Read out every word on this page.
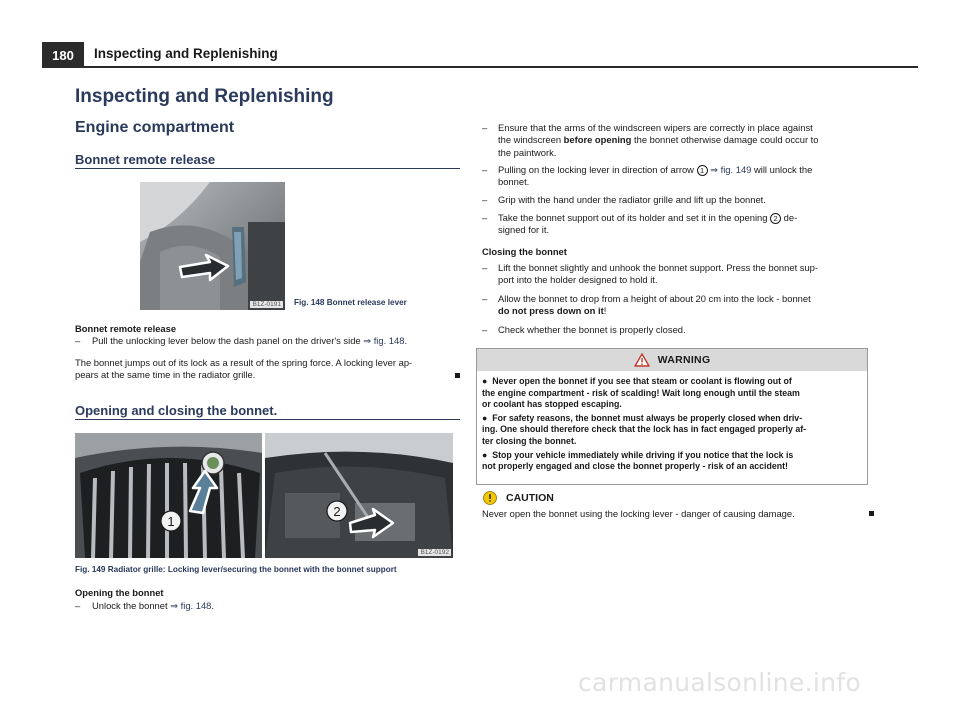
180	Inspecting and Replenishing
Inspecting and Replenishing
Engine compartment
Bonnet remote release
B1Z-0191 Fig. 148 Bonnet release lever
Bonnet remote release
– Pull the unlocking lever below the dash panel on the driver's side ⇒ fig. 148.
The bonnet jumps out of its lock as a result of the spring force. A locking lever ap-
pears at the same time in the radiator grille.
Opening and closing the bonnet.
1
2
B1Z-0192
Fig. 149 Radiator grille: Locking lever/securing the bonnet with the bonnet support
Opening the bonnet
– Unlock the bonnet ⇒ fig. 148.
– Ensure that the arms of the windscreen wipers are correctly in place against
the windscreen before opening the bonnet otherwise damage could occur to
the paintwork.
– Pulling on the locking lever in direction of arrow 1 ⇒ fig. 149 will unlock the
bonnet.
– Grip with the hand under the radiator grille and lift up the bonnet.
– Take the bonnet support out of its holder and set it in the opening 2 de-
signed for it.
Closing the bonnet
– Lift the bonnet slightly and unhook the bonnet support. Press the bonnet sup-
port into the holder designed to hold it.
– Allow the bonnet to drop from a height of about 20 cm into the lock - bonnet
do not press down on it!
– Check whether the bonnet is properly closed.
WARNING

●  Never open the bonnet if you see that steam or coolant is flowing out of
the engine compartment - risk of scalding! Wait long enough until the steam
or coolant has stopped escaping.

●  For safety reasons, the bonnet must always be properly closed when driv-
ing. One should therefore check that the lock has in fact engaged properly af-
ter closing the bonnet.

●  Stop your vehicle immediately while driving if you notice that the lock is
not properly engaged and close the bonnet properly - risk of an accident!

CAUTION
Never open the bonnet using the locking lever - danger of causing damage.
carmanualsonline.info
